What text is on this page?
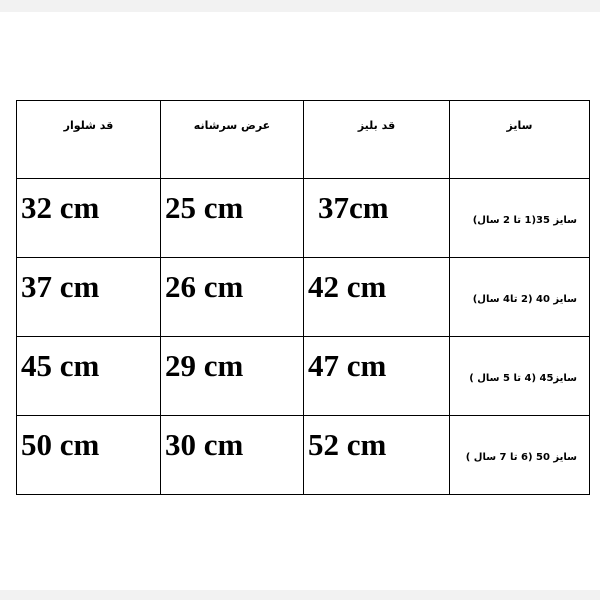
قد شلوار	عرض سرشانه	قد بلیز	سایز

32 cm	25 cm	37cm	سایز 35(1 تا 2 سال)

37 cm	26 cm	42 cm	سایز 40 (2 تا4 سال)

45 cm	29 cm	47 cm	سایز45 (4 تا 5 سال )

50 cm	30 cm	52 cm	سایز 50 (6 تا 7 سال )
